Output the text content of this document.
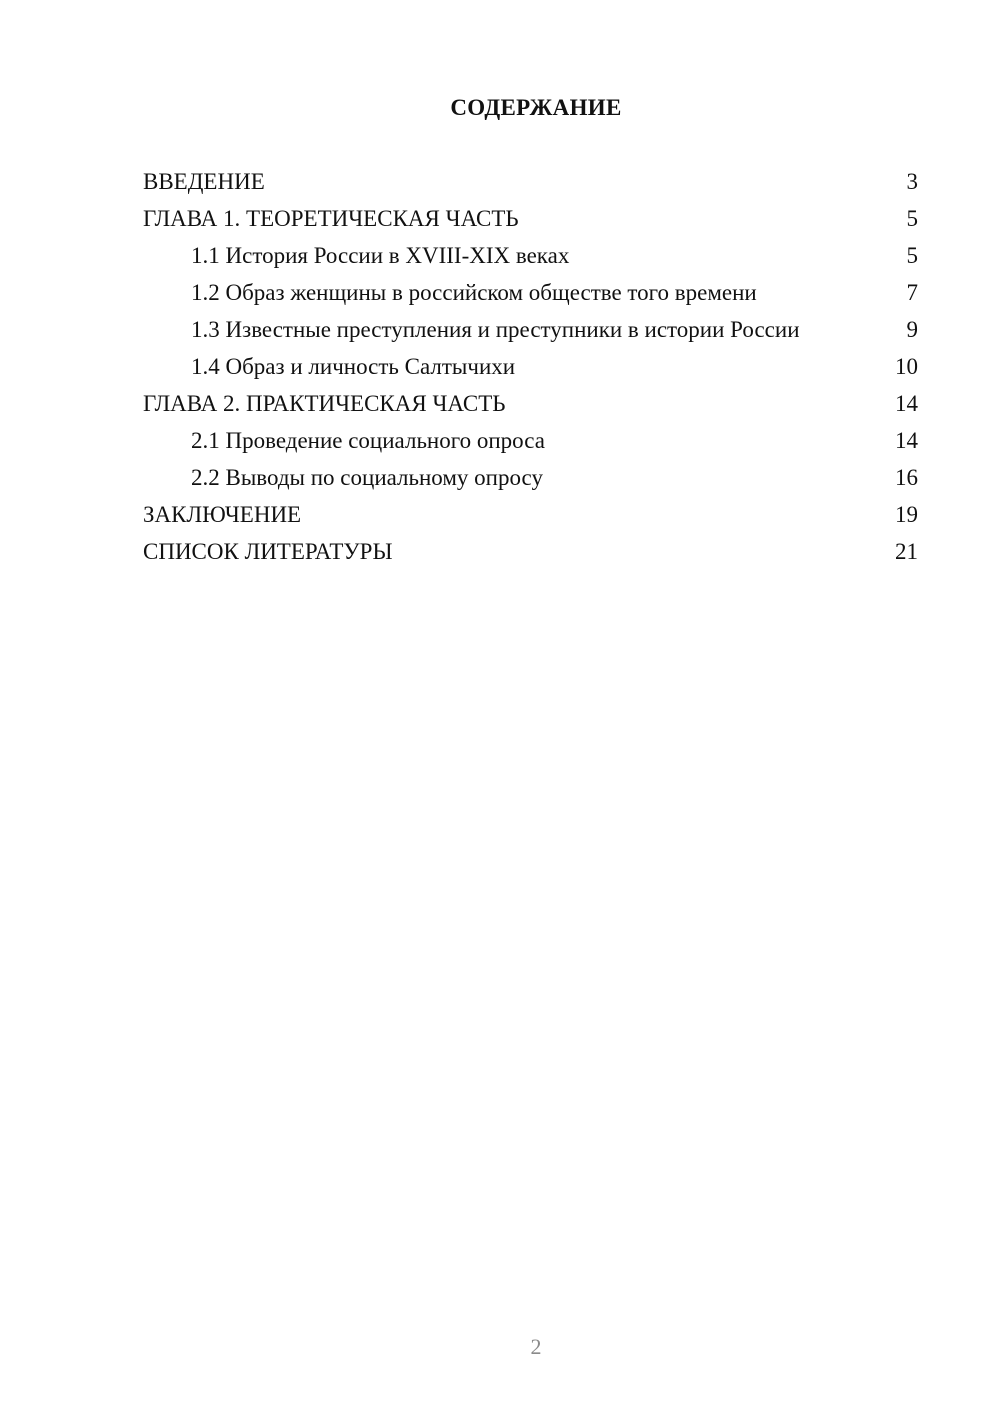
СОДЕРЖАНИЕ
ВВЕДЕНИЕ	3
ГЛАВА 1. ТЕОРЕТИЧЕСКАЯ ЧАСТЬ	5
1.1 История России в XVIII-XIX веках	5
1.2 Образ женщины в российском обществе того времени	7
1.3 Известные преступления и преступники в истории России	9
1.4 Образ и личность Салтычихи	10
ГЛАВА 2. ПРАКТИЧЕСКАЯ ЧАСТЬ	14
2.1 Проведение социального опроса	14
2.2 Выводы по социальному опросу	16
ЗАКЛЮЧЕНИЕ	19
СПИСОК ЛИТЕРАТУРЫ	21
2
